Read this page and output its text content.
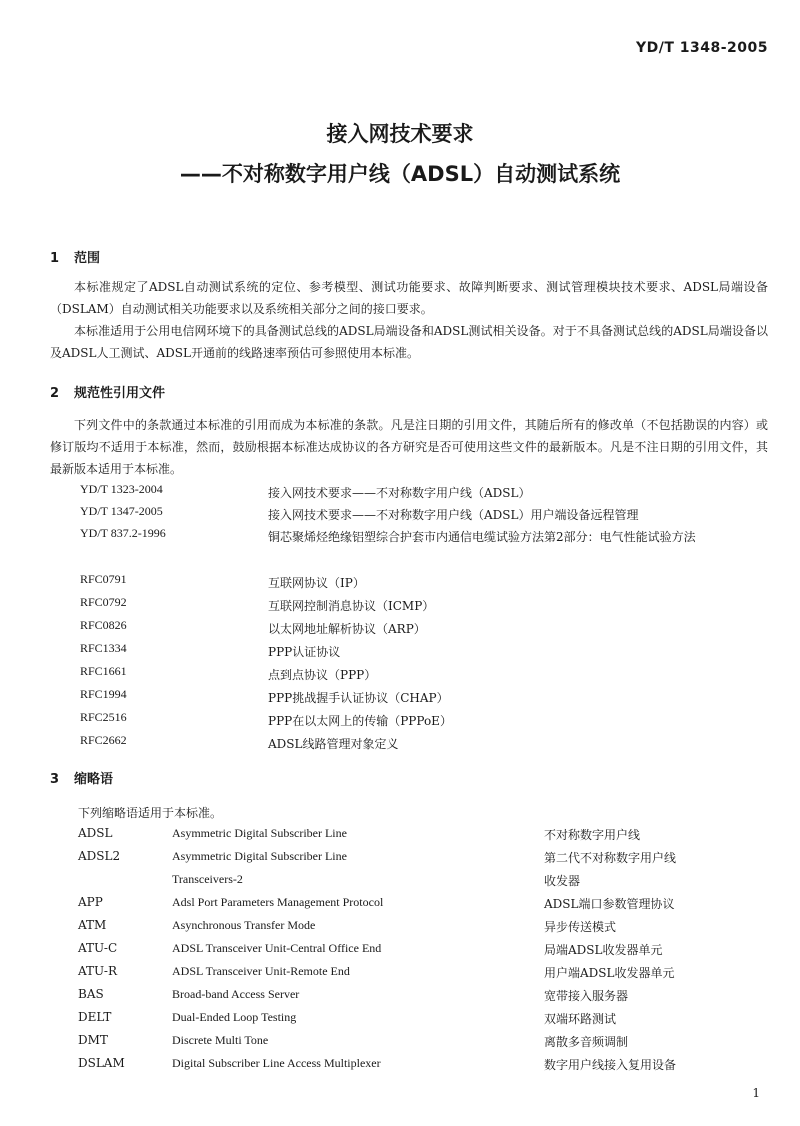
YD/T 1348-2005
接入网技术要求
——不对称数字用户线（ADSL）自动测试系统
1 范围
本标准规定了ADSL自动测试系统的定位、参考模型、测试功能要求、故障判断要求、测试管理模块技术要求、ADSL局端设备（DSLAM）自动测试相关功能要求以及系统相关部分之间的接口要求。
本标准适用于公用电信网环境下的具备测试总线的ADSL局端设备和ADSL测试相关设备。对于不具备测试总线的ADSL局端设备以及ADSL人工测试、ADSL开通前的线路速率预估可参照使用本标准。
2 规范性引用文件
下列文件中的条款通过本标准的引用而成为本标准的条款。凡是注日期的引用文件，其随后所有的修改单（不包括勘误的内容）或修订版均不适用于本标准，然而，鼓励根据本标准达成协议的各方研究是否可使用这些文件的最新版本。凡是不注日期的引用文件，其最新版本适用于本标准。
YD/T 1323-2004	接入网技术要求——不对称数字用户线（ADSL）
YD/T 1347-2005	接入网技术要求——不对称数字用户线（ADSL）用户端设备远程管理
YD/T 837.2-1996	铜芯聚烯烃绝缘铝塑综合护套市内通信电缆试验方法第2部分：电气性能试验方法
RFC0791	互联网协议（IP）
RFC0792	互联网控制消息协议（ICMP）
RFC0826	以太网地址解析协议（ARP）
RFC1334	PPP认证协议
RFC1661	点到点协议（PPP）
RFC1994	PPP挑战握手认证协议（CHAP）
RFC2516	PPP在以太网上的传输（PPPoE）
RFC2662	ADSL线路管理对象定义
3 缩略语
下列缩略语适用于本标准。
ADSL	Asymmetric Digital Subscriber Line	不对称数字用户线
ADSL2	Asymmetric Digital Subscriber Line	第二代不对称数字用户线
Transceivers-2	收发器
APP	Adsl Port Parameters Management Protocol	ADSL端口参数管理协议
ATM	Asynchronous Transfer Mode	异步传送模式
ATU-C	ADSL Transceiver Unit-Central Office End	局端ADSL收发器单元
ATU-R	ADSL Transceiver Unit-Remote End	用户端ADSL收发器单元
BAS	Broad-band Access Server	宽带接入服务器
DELT	Dual-Ended Loop Testing	双端环路测试
DMT	Discrete Multi Tone	离散多音频调制
DSLAM	Digital Subscriber Line Access Multiplexer	数字用户线接入复用设备
1
